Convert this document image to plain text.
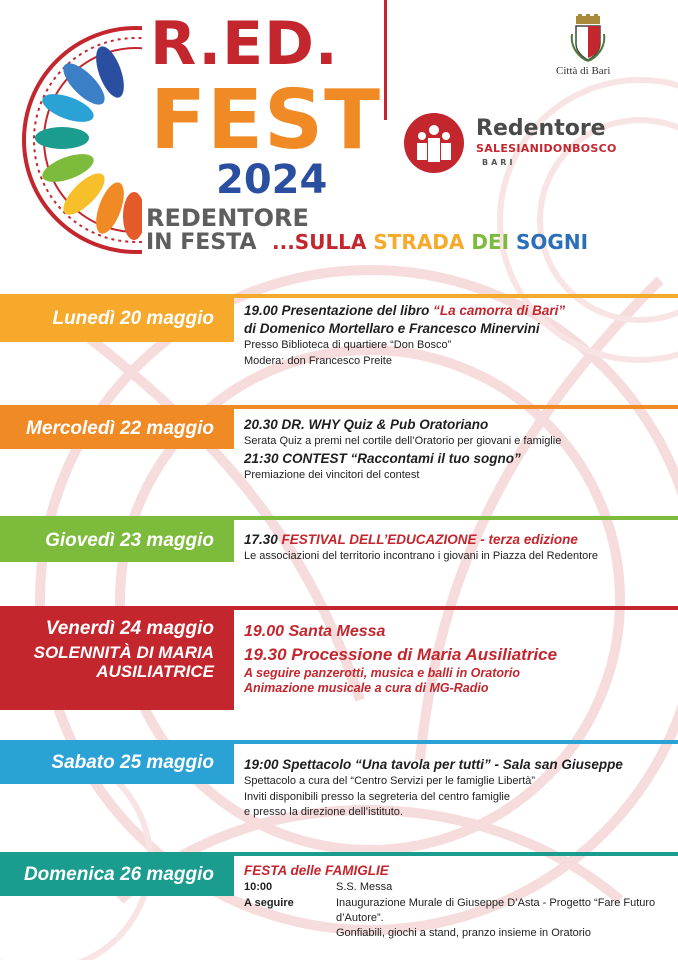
R.ED.
FEST
2024
REDENTORE
IN FESTA ...SULLA STRADA DEI SOGNI
Città di Bari
Redentore
SALESIANIDONBOSCO
BARI
Lunedì 20 maggio 19.00 Presentazione del libro “La camorra di Bari”
di Domenico Mortellaro e Francesco Minervini
Presso Biblioteca di quartiere “Don Bosco”
Modera: don Francesco Preite
Mercoledì 22 maggio 20.30 DR. WHY Quiz & Pub Oratoriano
Serata Quiz a premi nel cortile dell’Oratorio per giovani e famiglie
21:30 CONTEST “Raccontami il tuo sogno”
Premiazione dei vincitori del contest
Giovedì 23 maggio 17.30 FESTIVAL DELL’EDUCAZIONE - terza edizione
Le associazioni del territorio incontrano i giovani in Piazza del Redentore
Venerdì 24 maggio
SOLENNITÀ DI MARIA
AUSILIATRICE
19.00 Santa Messa
19.30 Processione di Maria Ausiliatrice
A seguire panzerotti, musica e balli in Oratorio
Animazione musicale a cura di MG-Radio
Sabato 25 maggio 19:00 Spettacolo “Una tavola per tutti” - Sala san Giuseppe
Spettacolo a cura del “Centro Servizi per le famiglie Libertà”
Inviti disponibili presso la segreteria del centro famiglie
e presso la direzione dell’istituto.
Domenica 26 maggio FESTA delle FAMIGLIE
10:00	S.S. Messa
A seguire	Inaugurazione Murale di Giuseppe D’Asta - Progetto “Fare Futuro d’Autore”.
Gonfiabili, giochi a stand, pranzo insieme in Oratorio
